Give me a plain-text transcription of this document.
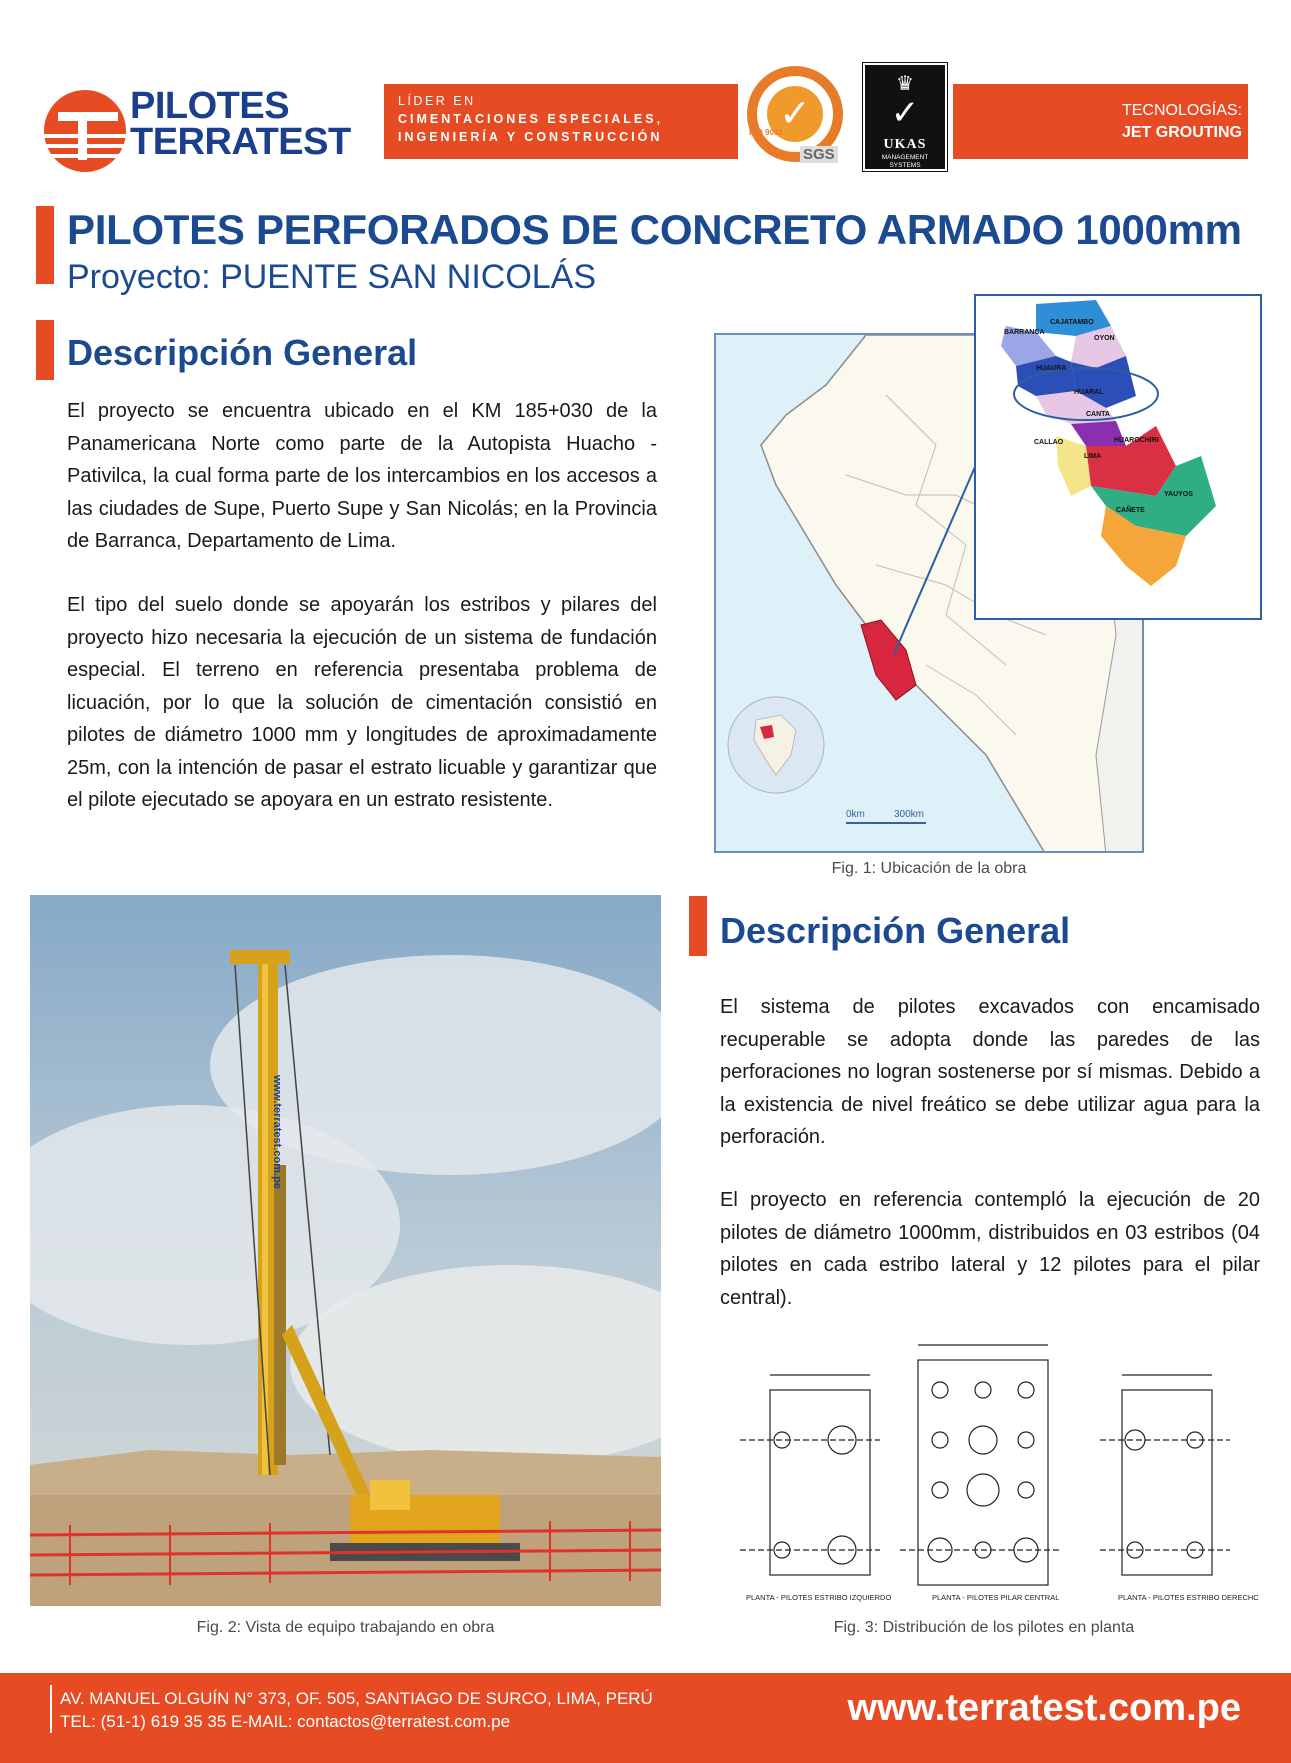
PILOTES
TERRATEST
LÍDER EN
CIMENTACIONES ESPECIALES,
INGENIERÍA Y CONSTRUCCIÓN
✓
ISO 9001
SGS
♛
✓
UKAS
MANAGEMENT
SYSTEMS
TECNOLOGÍAS:
JET GROUTING
PILOTES PERFORADOS DE CONCRETO ARMADO 1000mm
Proyecto: PUENTE SAN NICOLÁS
Descripción General
El proyecto se encuentra ubicado en el KM 185+030 de la Panamericana Norte como parte de la Autopista Huacho - Pativilca, la cual forma parte de los intercambios en los accesos a las ciudades de Supe, Puerto Supe y San Nicolás; en la Provincia de Barranca, Departamento de Lima.
El tipo del suelo donde se apoyarán los estribos y pilares del proyecto hizo necesaria la ejecución de un sistema de fundación especial. El terreno en referencia presentaba problema de licuación, por lo que la solución de cimentación consistió en pilotes de diámetro 1000 mm y longitudes de aproximadamente 25m, con la intención de pasar el estrato licuable y garantizar que el pilote ejecutado se apoyara en un estrato resistente.
0km	300km
BARRANCA
CAJATAMBO
OYON
HUAURA
HUARAL
CANTA
CALLAO
LIMA
HUAROCHIRI
YAUYOS
CAÑETE
Fig. 1: Ubicación de la obra
www.terratest.com.pe
Fig. 2: Vista de equipo trabajando en obra
Descripción General
El sistema de pilotes excavados con encamisado recuperable se adopta donde las paredes de las perforaciones no logran sostenerse por sí mismas. Debido a la existencia de nivel freático se debe utilizar agua para la perforación.
El proyecto en referencia contempló la ejecución de 20 pilotes de diámetro 1000mm, distribuidos en 03 estribos (04 pilotes en cada estribo lateral y 12 pilotes para el pilar central).
PLANTA - PILOTES ESTRIBO IZQUIERDO	PLANTA - PILOTES PILAR CENTRAL	PLANTA - PILOTES ESTRIBO DERECHO
Fig. 3: Distribución de los pilotes en planta
AV. MANUEL OLGUÍN N° 373, OF. 505, SANTIAGO DE SURCO, LIMA, PERÚ
TEL: (51-1) 619 35 35 E-MAIL: contactos@terratest.com.pe	www.terratest.com.pe
